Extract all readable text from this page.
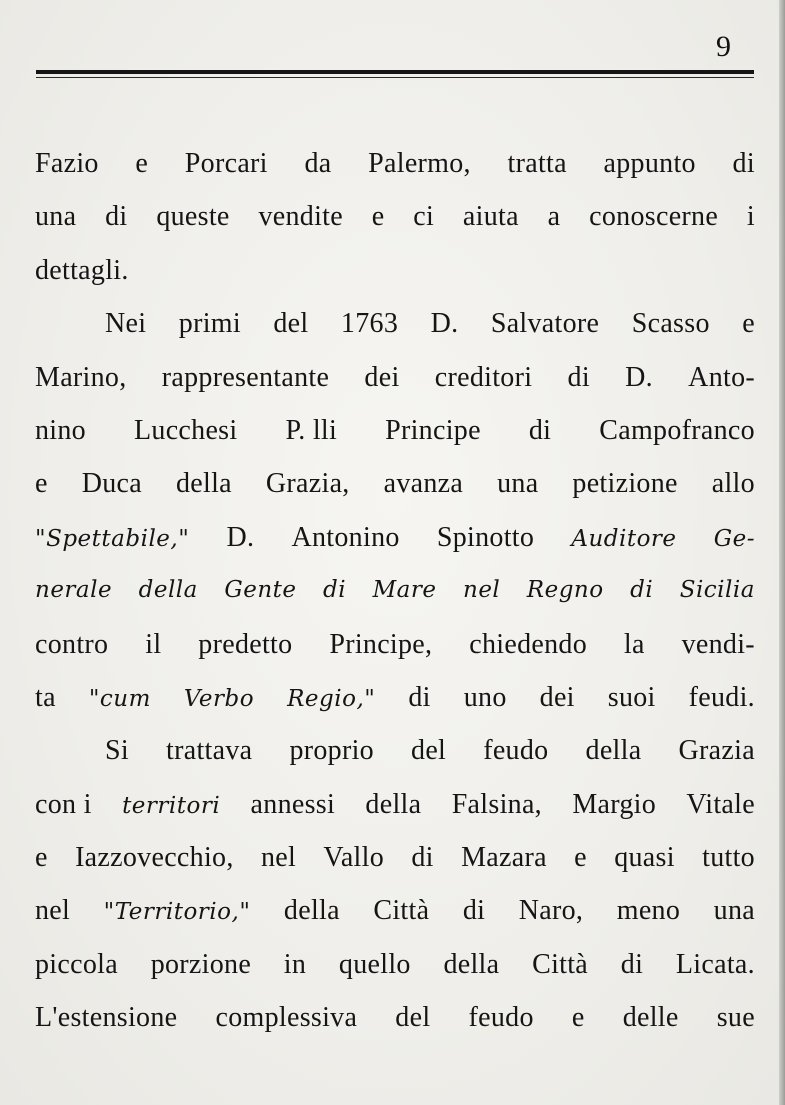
9
Fazio e Porcari da Palermo, tratta appunto di
una di queste vendite e ci aiuta a conoscerne i
dettagli.
Nei primi del 1763 D. Salvatore Scasso e
Marino, rappresentante dei creditori di D. Anto-
nino Lucchesi P. lli Principe di Campofranco
e Duca della Grazia, avanza una petizione allo
"Spettabile," D. Antonino Spinotto Auditore Ge-
nerale della Gente di Mare nel Regno di Sicilia
contro il predetto Principe, chiedendo la vendi-
ta "cum Verbo Regio," di uno dei suoi feudi.
Si trattava proprio del feudo della Grazia
con i territori annessi della Falsina, Margio Vitale
e Iazzovecchio, nel Vallo di Mazara e quasi tutto
nel "Territorio," della Città di Naro, meno una
piccola porzione in quello della Città di Licata.
L'estensione complessiva del feudo e delle sue
